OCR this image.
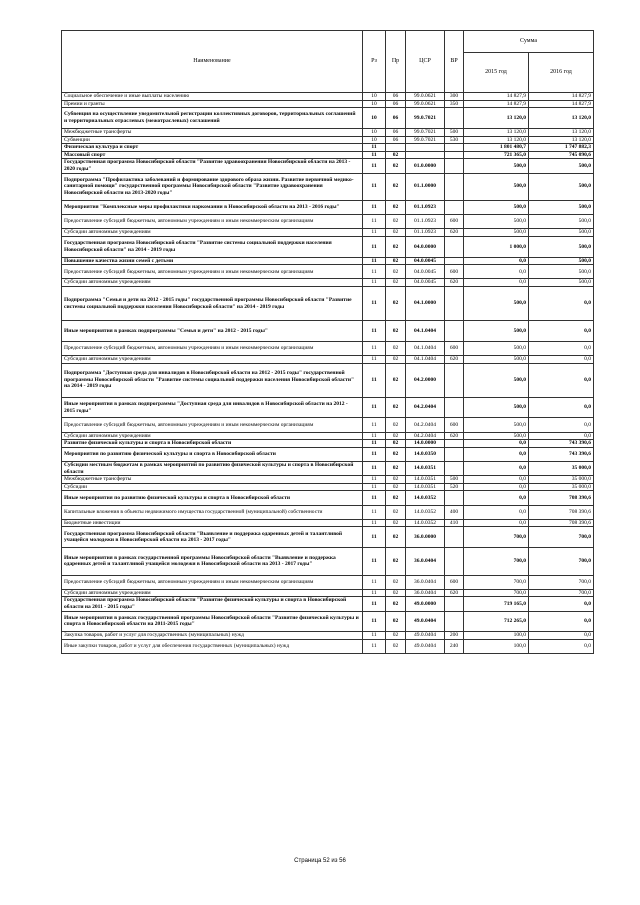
Наименование	Рз	Пр	ЦСР	ВР	Сумма	
					2015 год	2016 год
Социальное обеспечение и иные выплаты населению	10	06	99.0.0621	300	14 827,9	14 827,9
Премии и гранты	10	06	99.0.0621	350	14 827,9	14 827,9
Субвенция на осуществление уведомительной регистрации коллективных договоров, территориальных соглашений и территориальных отраслевых (межотраслевых) соглашений	10	06	99.0.7021		13 120,0	13 120,0
Межбюджетные трансферты	10	06	99.0.7021	500	13 120,0	13 120,0
Субвенции	10	06	99.0.7021	530	13 120,0	13 120,0
Физическая культура и спорт	11				1 801 480,7	1 747 882,3
Массовый спорт	11	02			721 365,0	745 090,6
Государственная программа Новосибирской области "Развитие здравоохранения Новосибирской области на 2013 - 2020 годы"	11	02	01.0.0000		500,0	500,0
Подпрограмма "Профилактика заболеваний и формирование здорового образа жизни. Развитие первичной медико-санитарной помощи" государственной программы Новосибирской области "Развитие здравоохранения Новосибирской области на 2013-2020 годы"	11	02	01.1.0000		500,0	500,0
Мероприятия "Комплексные меры профилактики наркомании в Новосибирской области на 2013 - 2016 годы"	11	02	01.1.0923		500,0	500,0
Предоставление субсидий бюджетным, автономным учреждениям и иным некоммерческим организациям	11	02	01.1.0923	600	500,0	500,0
Субсидии автономным учреждениям	11	02	01.1.0923	620	500,0	500,0
Государственная программа Новосибирской области "Развитие системы социальной поддержки населения Новосибирской области" на 2014 - 2019 годы	11	02	04.0.0000		1 000,0	500,0
Повышение качества жизни семей с детьми	11	02	04.0.0045		0,0	500,0
Предоставление субсидий бюджетным, автономным учреждениям и иным некоммерческим организациям	11	02	04.0.0045	600	0,0	500,0
Субсидии автономным учреждениям	11	02	04.0.0045	620	0,0	500,0
Подпрограмма "Семья и дети на 2012 - 2015 годы" государственной программы Новосибирской области "Развитие системы социальной поддержки населения Новосибирской области" на 2014 - 2019 годы	11	02	04.1.0000		500,0	0,0
Иные мероприятия в рамках подпрограммы "Семья и дети" на 2012 - 2015 годы"	11	02	04.1.0404		500,0	0,0
Предоставление субсидий бюджетным, автономным учреждениям и иным некоммерческим организациям	11	02	04.1.0404	600	500,0	0,0
Субсидии автономным учреждениям	11	02	04.1.0404	620	500,0	0,0
Подпрограмма "Доступная среда для инвалидов в Новосибирской области на 2012 - 2015 годы" государственной программы Новосибирской области "Развитие системы социальной поддержки населения Новосибирской области" на 2014 - 2019 годы	11	02	04.2.0000		500,0	0,0
Иные мероприятия в рамках подпрограммы "Доступная среда для инвалидов в Новосибирской области на 2012 - 2015 годы"	11	02	04.2.0404		500,0	0,0
Предоставление субсидий бюджетным, автономным учреждениям и иным некоммерческим организациям	11	02	04.2.0404	600	500,0	0,0
Субсидии автономным учреждениям	11	02	04.2.0404	620	500,0	0,0
Развитие физической культуры и спорта в Новосибирской области	11	02	14.0.0000		0,0	743 390,6
Мероприятия по развитию физической культуры и спорта в Новосибирской области	11	02	14.0.0350		0,0	743 390,6
Субсидии местным бюджетам в рамках мероприятий по развитию физической культуры и спорта в Новосибирской области	11	02	14.0.0351		0,0	35 000,0
Межбюджетные трансферты	11	02	14.0.0351	500	0,0	35 000,0
Субсидии	11	02	14.0.0351	520	0,0	35 000,0
Иные мероприятия по развитию физической культуры и спорта в Новосибирской области	11	02	14.0.0352		0,0	708 390,6
Капитальные вложения в объекты недвижимого имущества государственной (муниципальной) собственности	11	02	14.0.0352	400	0,0	708 390,6
Бюджетные инвестиции	11	02	14.0.0352	410	0,0	708 390,6
Государственная программа Новосибирской области "Выявление и поддержка одаренных детей и талантливой учащейся молодежи в Новосибирской области на 2013 - 2017 годы"	11	02	36.0.0000		700,0	700,0
Иные мероприятия в рамках государственной программы Новосибирской области "Выявление и поддержка одаренных детей и талантливой учащейся молодежи в Новосибирской области на 2013 - 2017 годы"	11	02	36.0.0404		700,0	700,0
Предоставление субсидий бюджетным, автономным учреждениям и иным некоммерческим организациям	11	02	36.0.0404	600	700,0	700,0
Субсидии автономным учреждениям	11	02	36.0.0404	620	700,0	700,0
Государственная программа Новосибирской области "Развитие физической культуры и спорта в Новосибирской области на 2011 - 2015 годы"	11	02	49.0.0000		719 165,0	0,0
Иные мероприятия в рамках государственной программы Новосибирской области "Развитие физической культуры и спорта в Новосибирской области на 2011-2015 годы"	11	02	49.0.0404		712 265,0	0,0
Закупка товаров, работ и услуг для государственных (муниципальных) нужд	11	02	49.0.0404	200	100,0	0,0
Иные закупки товаров, работ и услуг для обеспечения государственных (муниципальных) нужд	11	02	49.0.0404	240	100,0	0,0
Страница 52 из 56
